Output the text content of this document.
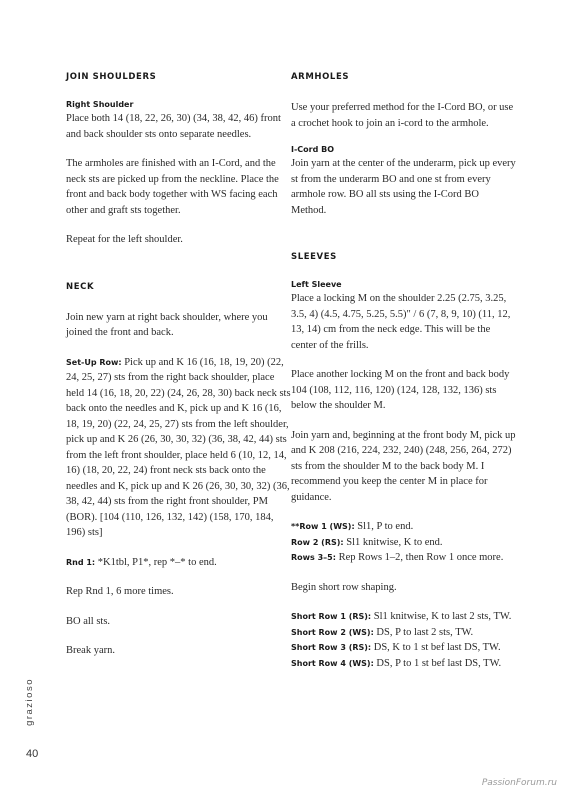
JOIN SHOULDERS
Right Shoulder

Place both 14 (18, 22, 26, 30) (34, 38, 42, 46) front and back shoulder sts onto separate needles.

The armholes are finished with an I-Cord, and the neck sts are picked up from the neckline. Place the front and back body together with WS facing each other and graft sts together.

Repeat for the left shoulder.

NECK

Join new yarn at right back shoulder, where you joined the front and back.

Set-Up Row: Pick up and K 16 (16, 18, 19, 20) (22, 24, 25, 27) sts from the right back shoulder, place held 14 (16, 18, 20, 22) (24, 26, 28, 30) back neck sts back onto the needles and K, pick up and K 16 (16, 18, 19, 20) (22, 24, 25, 27) sts from the left shoulder, pick up and K 26 (26, 30, 30, 32) (36, 38, 42, 44) sts from the left front shoulder, place held 6 (10, 12, 14, 16) (18, 20, 22, 24) front neck sts back onto the needles and K, pick up and K 26 (26, 30, 30, 32) (36, 38, 42, 44) sts from the right front shoulder, PM (BOR). [104 (110, 126, 132, 142) (158, 170, 184, 196) sts]

Rnd 1: *K1tbl, P1*, rep *–* to end.

Rep Rnd 1, 6 more times.

BO all sts.

Break yarn.

ARMHOLES

Use your preferred method for the I-Cord BO, or use a crochet hook to join an i-cord to the armhole.

I-Cord BO

Join yarn at the center of the underarm, pick up every st from the underarm BO and one st from every armhole row. BO all sts using the I-Cord BO Method.

SLEEVES
Left Sleeve

Place a locking M on the shoulder 2.25 (2.75, 3.25, 3.5, 4) (4.5, 4.75, 5.25, 5.5)" / 6 (7, 8, 9, 10) (11, 12, 13, 14) cm from the neck edge. This will be the center of the frills.

Place another locking M on the front and back body 104 (108, 112, 116, 120) (124, 128, 132, 136) sts below the shoulder M.

Join yarn and, beginning at the front body M, pick up and K 208 (216, 224, 232, 240) (248, 256, 264, 272) sts from the shoulder M to the back body M. I recommend you keep the center M in place for guidance.

**Row 1 (WS): Sl1, P to end.

Row 2 (RS): Sl1 knitwise, K to end.

Rows 3–5: Rep Rows 1–2, then Row 1 once more.

Begin short row shaping.

Short Row 1 (RS): Sl1 knitwise, K to last 2 sts, TW.

Short Row 2 (WS): DS, P to last 2 sts, TW.

Short Row 3 (RS): DS, K to 1 st bef last DS, TW.

Short Row 4 (WS): DS, P to 1 st bef last DS, TW.

grazioso
40
PassionForum.ru
